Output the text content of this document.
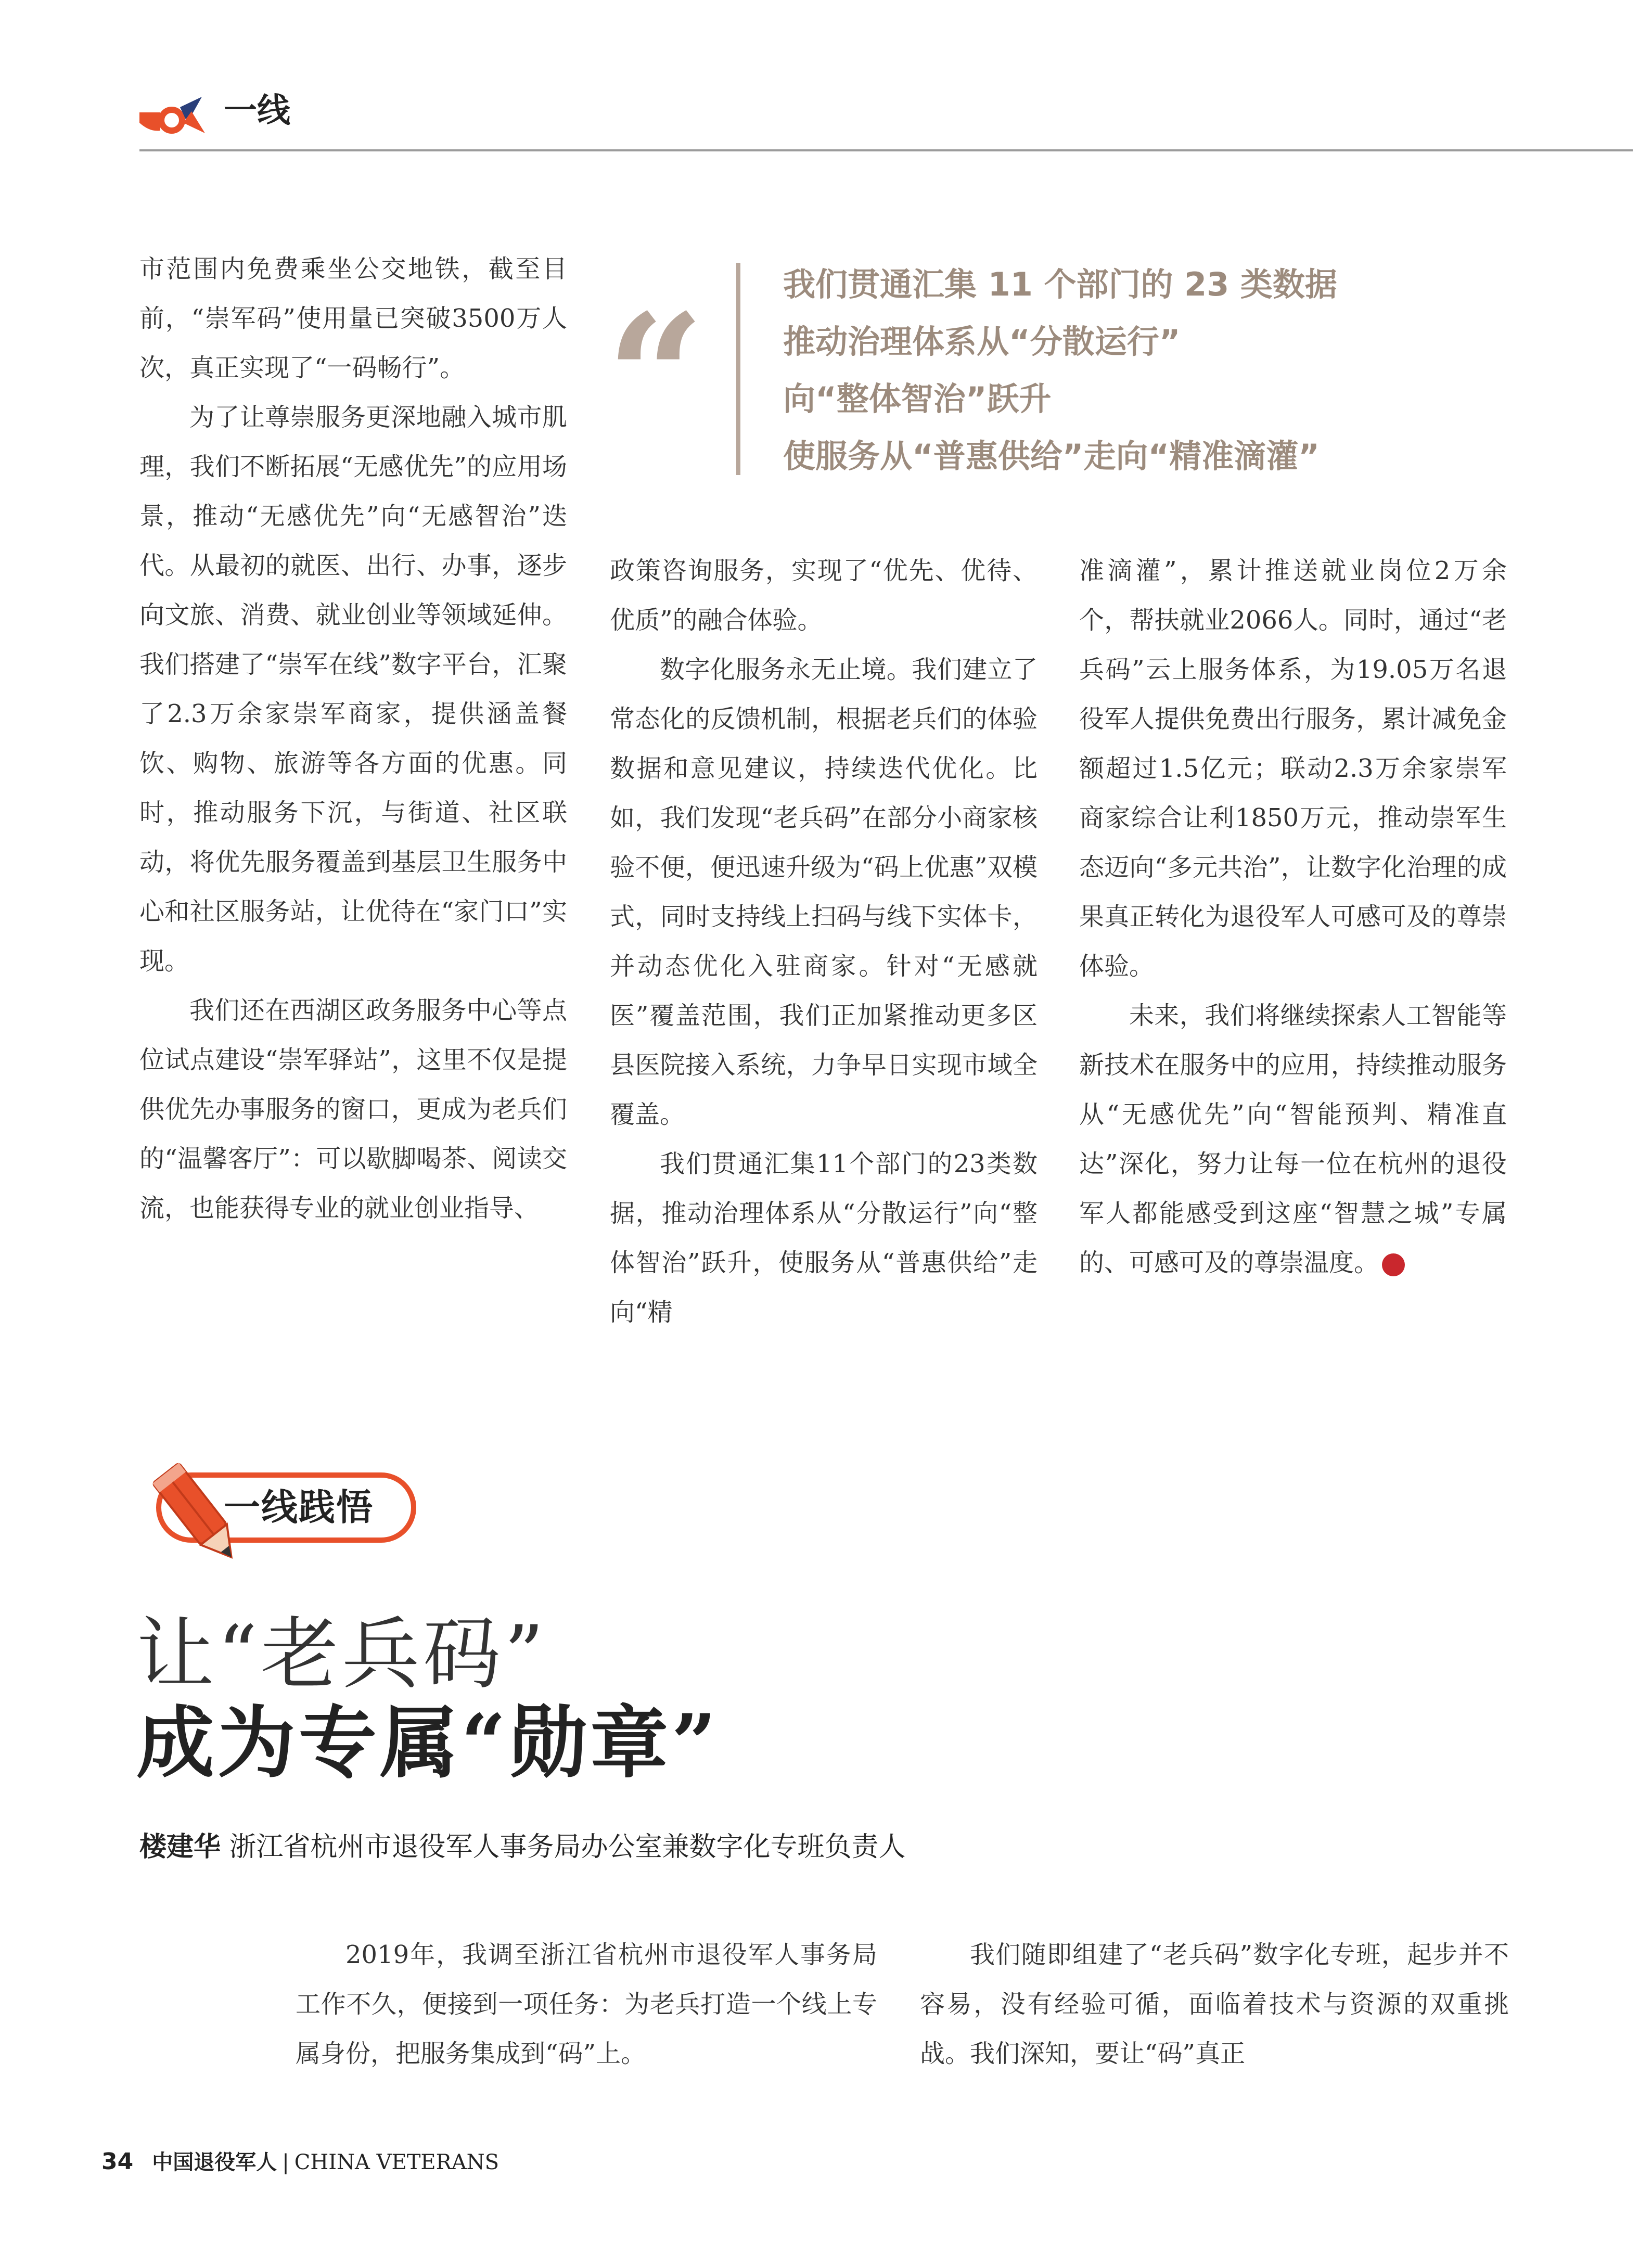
一线

市范围内免费乘坐公交地铁，截至目前，“崇军码”使用量已突破3500万人次，真正实现了“一码畅行”。

为了让尊崇服务更深地融入城市肌理，我们不断拓展“无感优先”的应用场景，推动“无感优先”向“无感智治”迭代。从最初的就医、出行、办事，逐步向文旅、消费、就业创业等领域延伸。我们搭建了“崇军在线”数字平台，汇聚了2.3万余家崇军商家，提供涵盖餐饮、购物、旅游等各方面的优惠。同时，推动服务下沉，与街道、社区联动，将优先服务覆盖到基层卫生服务中心和社区服务站，让优待在“家门口”实现。

我们还在西湖区政务服务中心等点位试点建设“崇军驿站”，这里不仅是提供优先办事服务的窗口，更成为老兵们的“温馨客厅”：可以歇脚喝茶、阅读交流，也能获得专业的就业创业指导、

“ 我们贯通汇集 11 个部门的 23 类数据
推动治理体系从“分散运行”
向“整体智治”跃升
使服务从“普惠供给”走向“精准滴灌”

政策咨询服务，实现了“优先、优待、优质”的融合体验。

数字化服务永无止境。我们建立了常态化的反馈机制，根据老兵们的体验数据和意见建议，持续迭代优化。比如，我们发现“老兵码”在部分小商家核验不便，便迅速升级为“码上优惠”双模式，同时支持线上扫码与线下实体卡，并动态优化入驻商家。针对“无感就医”覆盖范围，我们正加紧推动更多区县医院接入系统，力争早日实现市域全覆盖。

我们贯通汇集11个部门的23类数据，推动治理体系从“分散运行”向“整体智治”跃升，使服务从“普惠供给”走向“精

准滴灌”，累计推送就业岗位2万余个，帮扶就业2066人。同时，通过“老兵码”云上服务体系，为19.05万名退役军人提供免费出行服务，累计减免金额超过1.5亿元；联动2.3万余家崇军商家综合让利1850万元，推动崇军生态迈向“多元共治”，让数字化治理的成果真正转化为退役军人可感可及的尊崇体验。

未来，我们将继续探索人工智能等新技术在服务中的应用，持续推动服务从“无感优先”向“智能预判、精准直达”深化，努力让每一位在杭州的退役军人都能感受到这座“智慧之城”专属的、可感可及的尊崇温度。	V

一线践悟
让“老兵码”
成为专属“勋章”
楼建华 浙江省杭州市退役军人事务局办公室兼数字化专班负责人

2019年，我调至浙江省杭州市退役军人事务局工作不久，便接到一项任务：为老兵打造一个线上专属身份，把服务集成到“码”上。

我们随即组建了“老兵码”数字化专班，起步并不容易，没有经验可循，面临着技术与资源的双重挑战。我们深知，要让“码”真正

34 中国退役军人 | CHINA VETERANS
